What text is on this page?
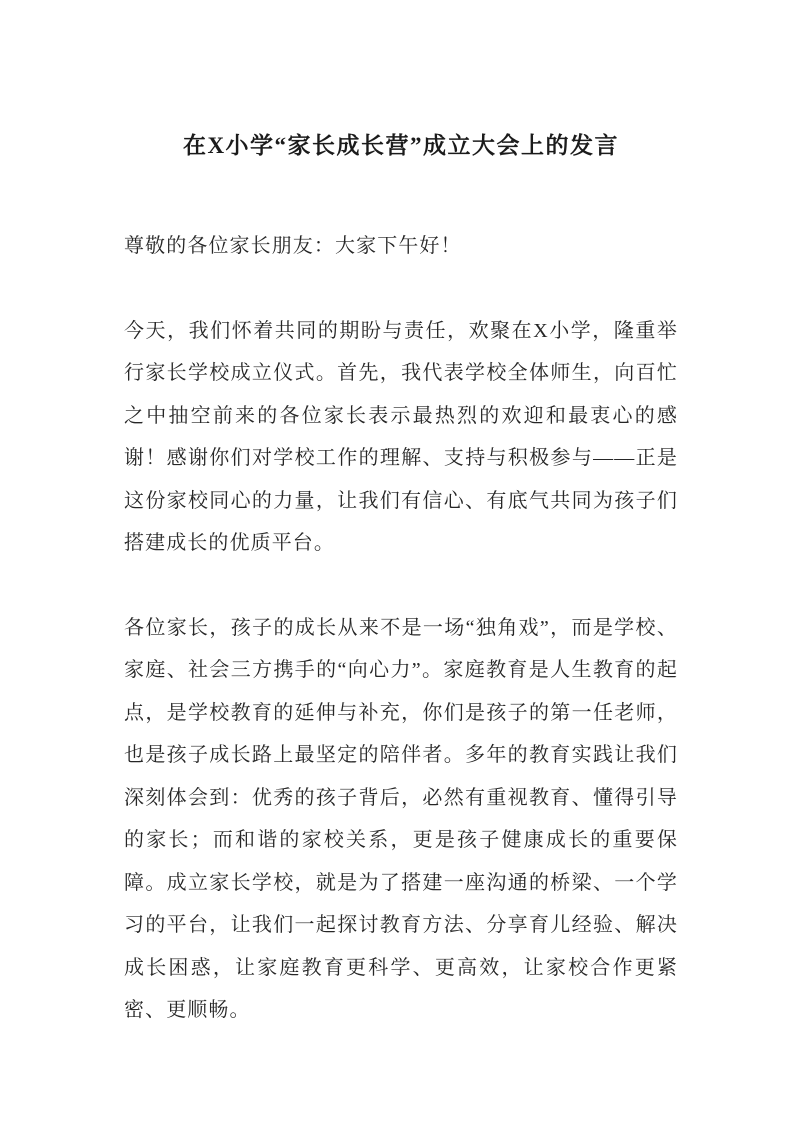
在X小学“家长成长营”成立大会上的发言

尊敬的各位家长朋友：大家下午好！

今天，我们怀着共同的期盼与责任，欢聚在X小学，隆重举行家长学校成立仪式。首先，我代表学校全体师生，向百忙之中抽空前来的各位家长表示最热烈的欢迎和最衷心的感谢！感谢你们对学校工作的理解、支持与积极参与——正是这份家校同心的力量，让我们有信心、有底气共同为孩子们搭建成长的优质平台。

各位家长，孩子的成长从来不是一场“独角戏”，而是学校、家庭、社会三方携手的“向心力”。家庭教育是人生教育的起点，是学校教育的延伸与补充，你们是孩子的第一任老师，也是孩子成长路上最坚定的陪伴者。多年的教育实践让我们深刻体会到：优秀的孩子背后，必然有重视教育、懂得引导的家长；而和谐的家校关系，更是孩子健康成长的重要保障。成立家长学校，就是为了搭建一座沟通的桥梁、一个学习的平台，让我们一起探讨教育方法、分享育儿经验、解决成长困惑，让家庭教育更科学、更高效，让家校合作更紧密、更顺畅。
